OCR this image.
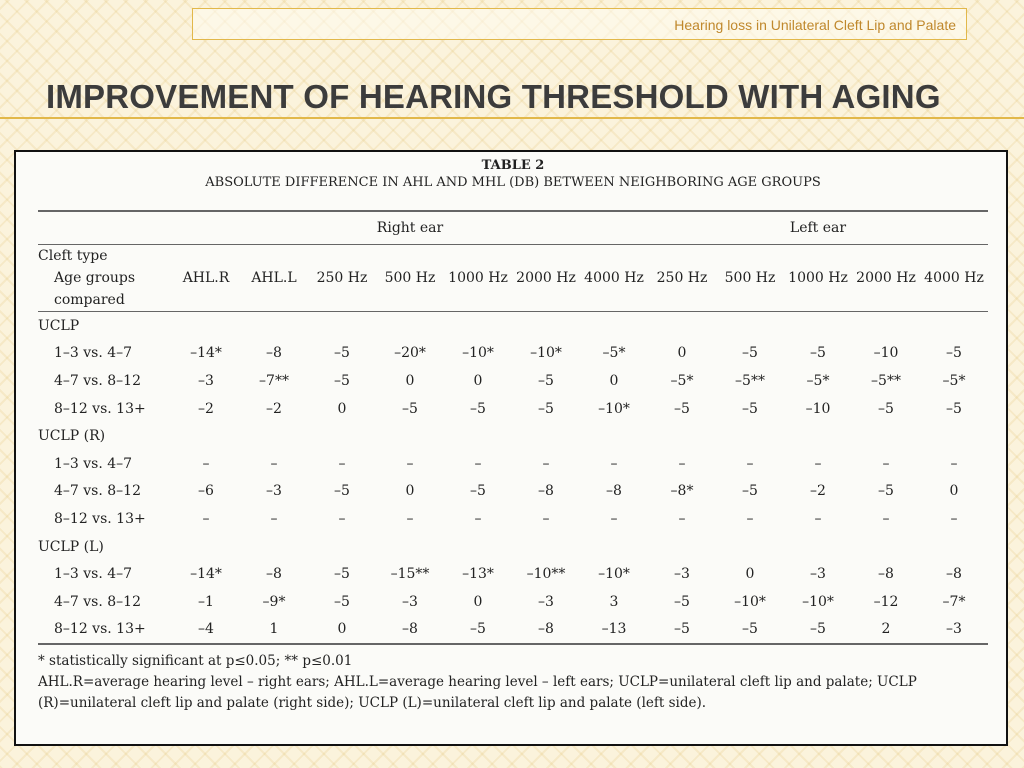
Hearing loss in Unilateral Cleft Lip and Palate
IMPROVEMENT OF HEARING THRESHOLD WITH AGING
TABLE 2
ABSOLUTE DIFFERENCE IN AHL AND MHL (DB) BETWEEN NEIGHBORING AGE GROUPS
	Right ear							Left ear				

Cleft type
Age groups
compared	AHL.R	AHL.L	250 Hz	500 Hz	1000 Hz	2000 Hz	4000 Hz	250 Hz	500 Hz	1000 Hz	2000 Hz	4000 Hz
UCLP												
1–3 vs. 4–7	–14*	–8	–5	–20*	–10*	–10*	–5*	0	–5	–5	–10	–5
4–7 vs. 8–12	–3	–7**	–5	0	0	–5	0	–5*	–5**	–5*	–5**	–5*
8–12 vs. 13+	–2	–2	0	–5	–5	–5	–10*	–5	–5	–10	–5	–5
UCLP (R)												
1–3 vs. 4–7	–	–	–	–	–	–	–	–	–	–	–	–
4–7 vs. 8–12	–6	–3	–5	0	–5	–8	–8	–8*	–5	–2	–5	0
8–12 vs. 13+	–	–	–	–	–	–	–	–	–	–	–	–
UCLP (L)												
1–3 vs. 4–7	–14*	–8	–5	–15**	–13*	–10**	–10*	–3	0	–3	–8	–8
4–7 vs. 8–12	–1	–9*	–5	–3	0	–3	3	–5	–10*	–10*	–12	–7*
8–12 vs. 13+	–4	1	0	–8	–5	–8	–13	–5	–5	–5	2	–3
* statistically significant at p≤0.05; ** p≤0.01
AHL.R=average hearing level – right ears; AHL.L=average hearing level – left ears; UCLP=unilateral cleft lip and palate; UCLP (R)=unilateral cleft lip and palate (right side); UCLP (L)=unilateral cleft lip and palate (left side).
